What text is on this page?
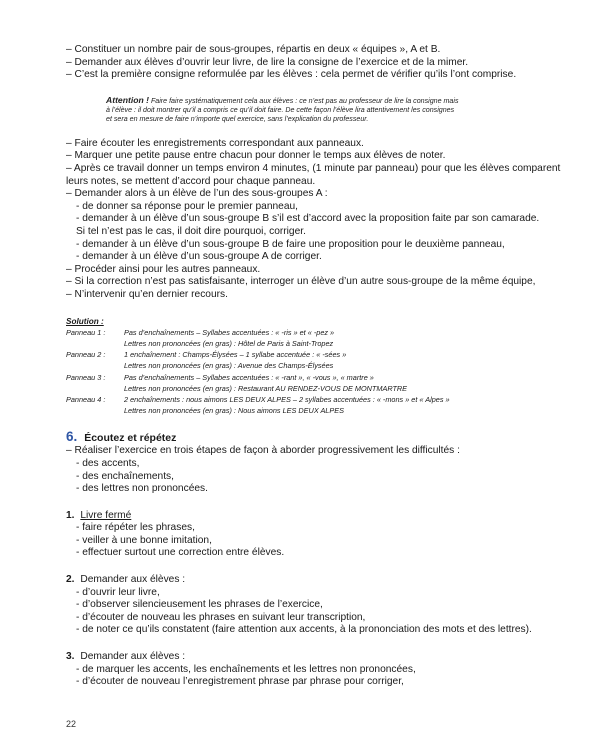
– Constituer un nombre pair de sous-groupes, répartis en deux « équipes », A et B.
– Demander aux élèves d’ouvrir leur livre, de lire la consigne de l’exercice et de la mimer.
– C’est la première consigne reformulée par les élèves : cela permet de vérifier qu’ils l’ont comprise.
Attention ! Faire faire systématiquement cela aux élèves : ce n’est pas au professeur de lire la consigne mais
à l’élève : il doit montrer qu’il a compris ce qu’il doit faire. De cette façon l’élève lira attentivement les consignes
et sera en mesure de faire n’importe quel exercice, sans l’explication du professeur.
– Faire écouter les enregistrements correspondant aux panneaux.
– Marquer une petite pause entre chacun pour donner le temps aux élèves de noter.
– Après ce travail donner un temps environ 4 minutes, (1 minute par panneau) pour que les élèves comparent
leurs notes, se mettent d’accord pour chaque panneau.
– Demander alors à un élève de l’un des sous-groupes A :
- de donner sa réponse pour le premier panneau,
- demander à un élève d’un sous-groupe B s’il est d’accord avec la proposition faite par son camarade.
Si tel n’est pas le cas, il doit dire pourquoi, corriger.
- demander à un élève d’un sous-groupe B de faire une proposition pour le deuxième panneau,
- demander à un élève d’un sous-groupe A de corriger.
– Procéder ainsi pour les autres panneaux.
– Si la correction n’est pas satisfaisante, interroger un élève d’un autre sous-groupe de la même équipe,
– N’intervenir qu’en dernier recours.
Solution :
Panneau 1 :	Pas d’enchaînements – Syllabes accentuées : « -ris » et « -pez »
Lettres non prononcées (en gras) : Hôtel de Paris à Saint-Tropez
Panneau 2 :	1 enchaînement : Champs-Élysées – 1 syllabe accentuée : « -sées »
Lettres non prononcées (en gras) : Avenue des Champs-Élysées
Panneau 3 :	Pas d’enchaînements – Syllabes accentuées : « -rant », « -vous », « martre »
Lettres non prononcées (en gras) : Restaurant AU RENDEZ-VOUS DE MONTMARTRE
Panneau 4 :	2 enchaînements : nous aimons LES DEUX ALPES – 2 syllabes accentuées : « -mons » et « Alpes »
Lettres non prononcées (en gras) : Nous aimons LES DEUX ALPES
6. Écoutez et répétez
– Réaliser l’exercice en trois étapes de façon à aborder progressivement les difficultés :
- des accents,
- des enchaînements,
- des lettres non prononcées.
1. Livre fermé
- faire répéter les phrases,
- veiller à une bonne imitation,
- effectuer surtout une correction entre élèves.
2. Demander aux élèves :
- d’ouvrir leur livre,
- d’observer silencieusement les phrases de l’exercice,
- d’écouter de nouveau les phrases en suivant leur transcription,
- de noter ce qu’ils constatent (faire attention aux accents, à la prononciation des mots et des lettres).
3. Demander aux élèves :
- de marquer les accents, les enchaînements et les lettres non prononcées,
- d’écouter de nouveau l’enregistrement phrase par phrase pour corriger,
22
